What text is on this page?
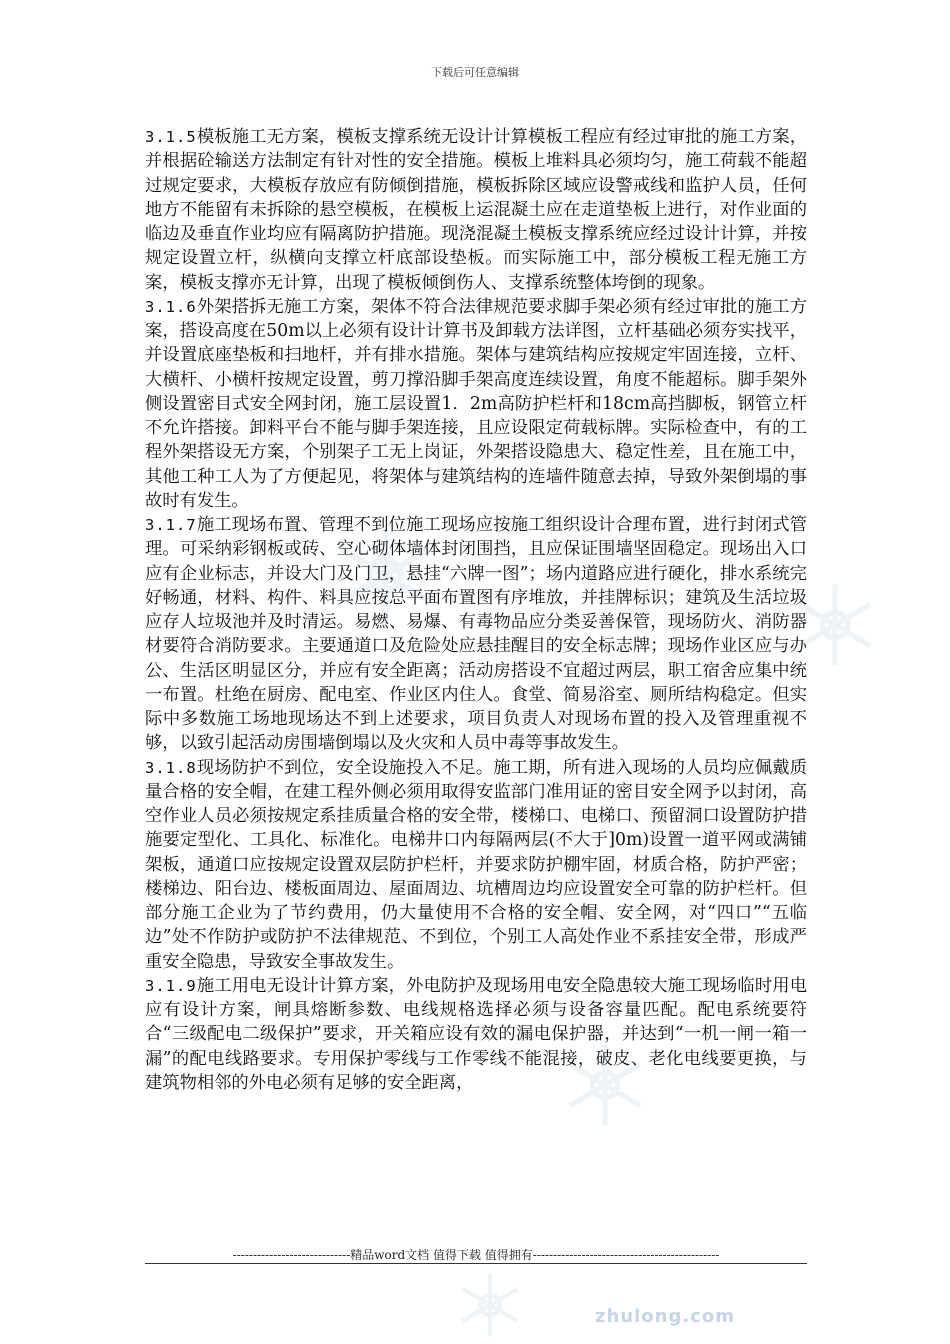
zhulong.com
下载后可任意编辑

3.1.5模板施工无方案，模板支撑系统无设计计算模板工程应有经过审批的施工方案，并根据砼输送方法制定有针对性的安全措施。模板上堆料具必须均匀，施工荷载不能超过规定要求，大模板存放应有防倾倒措施，模板拆除区域应设警戒线和监护人员，任何地方不能留有未拆除的悬空模板，在模板上运混凝土应在走道垫板上进行，对作业面的临边及垂直作业均应有隔离防护措施。现浇混凝土模板支撑系统应经过设计计算，并按规定设置立杆，纵横向支撑立杆底部设垫板。而实际施工中，部分模板工程无施工方案，模板支撑亦无计算，出现了模板倾倒伤人、支撑系统整体垮倒的现象。

3.1.6外架搭拆无施工方案，架体不符合法律规范要求脚手架必须有经过审批的施工方案，搭设高度在50m以上必须有设计计算书及卸载方法详图，立杆基础必须夯实找平，并设置底座垫板和扫地杆，并有排水措施。架体与建筑结构应按规定牢固连接，立杆、大横杆、小横杆按规定设置，剪刀撑沿脚手架高度连续设置，角度不能超标。脚手架外侧设置密目式安全网封闭，施工层设置1．2m高防护栏杆和18cm高挡脚板，钢管立杆不允许搭接。卸料平台不能与脚手架连接，且应设限定荷载标牌。实际检查中，有的工程外架搭设无方案，个别架子工无上岗证，外架搭设隐患大、稳定性差，且在施工中，其他工种工人为了方便起见，将架体与建筑结构的连墙件随意去掉，导致外架倒塌的事故时有发生。

3.1.7施工现场布置、管理不到位施工现场应按施工组织设计合理布置，进行封闭式管理。可采纳彩钢板或砖、空心砌体墙体封闭围挡，且应保证围墙坚固稳定。现场出入口应有企业标志，并设大门及门卫，悬挂“六牌一图”；场内道路应进行硬化，排水系统完好畅通，材料、构件、料具应按总平面布置图有序堆放，并挂牌标识；建筑及生活垃圾应存人垃圾池并及时清运。易燃、易爆、有毒物品应分类妥善保管，现场防火、消防器材要符合消防要求。主要通道口及危险处应悬挂醒目的安全标志牌；现场作业区应与办公、生活区明显区分，并应有安全距离；活动房搭设不宜超过两层，职工宿舍应集中统一布置。杜绝在厨房、配电室、作业区内住人。食堂、简易浴室、厕所结构稳定。但实际中多数施工场地现场达不到上述要求，项目负责人对现场布置的投入及管理重视不够，以致引起活动房围墙倒塌以及火灾和人员中毒等事故发生。

3.1.8现场防护不到位，安全设施投入不足。施工期，所有进入现场的人员均应佩戴质量合格的安全帽，在建工程外侧必须用取得安监部门准用证的密目安全网予以封闭，高空作业人员必须按规定系挂质量合格的安全带，楼梯口、电梯口、预留洞口设置防护措施要定型化、工具化、标准化。电梯井口内每隔两层(不大于]0m)设置一道平网或满铺架板，通道口应按规定设置双层防护栏杆，并要求防护棚牢固，材质合格，防护严密；楼梯边、阳台边、楼板面周边、屋面周边、坑槽周边均应设置安全可靠的防护栏杆。但部分施工企业为了节约费用，仍大量使用不合格的安全帽、安全网，对“四口”“五临边”处不作防护或防护不法律规范、不到位，个别工人高处作业不系挂安全带，形成严重安全隐患，导致安全事故发生。

3.1.9施工用电无设计计算方案，外电防护及现场用电安全隐患较大施工现场临时用电应有设计方案，闸具熔断参数、电线规格选择必须与设备容量匹配。配电系统要符合“三级配电二级保护”要求，开关箱应设有效的漏电保护器，并达到“一机一闸一箱一漏”的配电线路要求。专用保护零线与工作零线不能混接，破皮、老化电线要更换，与建筑物相邻的外电必须有足够的安全距离，

-----------------------------精品word文档 值得下载 值得拥有----------------------------------------------
